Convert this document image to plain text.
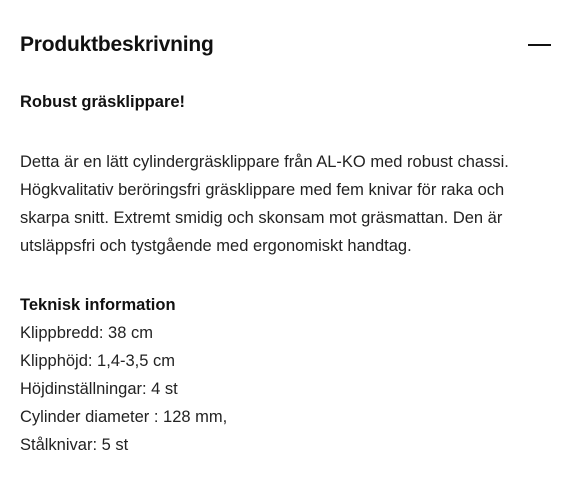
Produktbeskrivning

Robust gräsklippare!

Detta är en lätt cylindergräsklippare från AL-KO med robust chassi. Högkvalitativ beröringsfri gräsklippare med fem knivar för raka och skarpa snitt. Extremt smidig och skonsam mot gräsmattan. Den är utsläppsfri och tystgående med ergonomiskt handtag.

Teknisk information

Klippbredd: 38 cm
Klipphöjd: 1,4-3,5 cm
Höjdinställningar: 4 st
Cylinder diameter : 128 mm,
Stålknivar: 5 st
